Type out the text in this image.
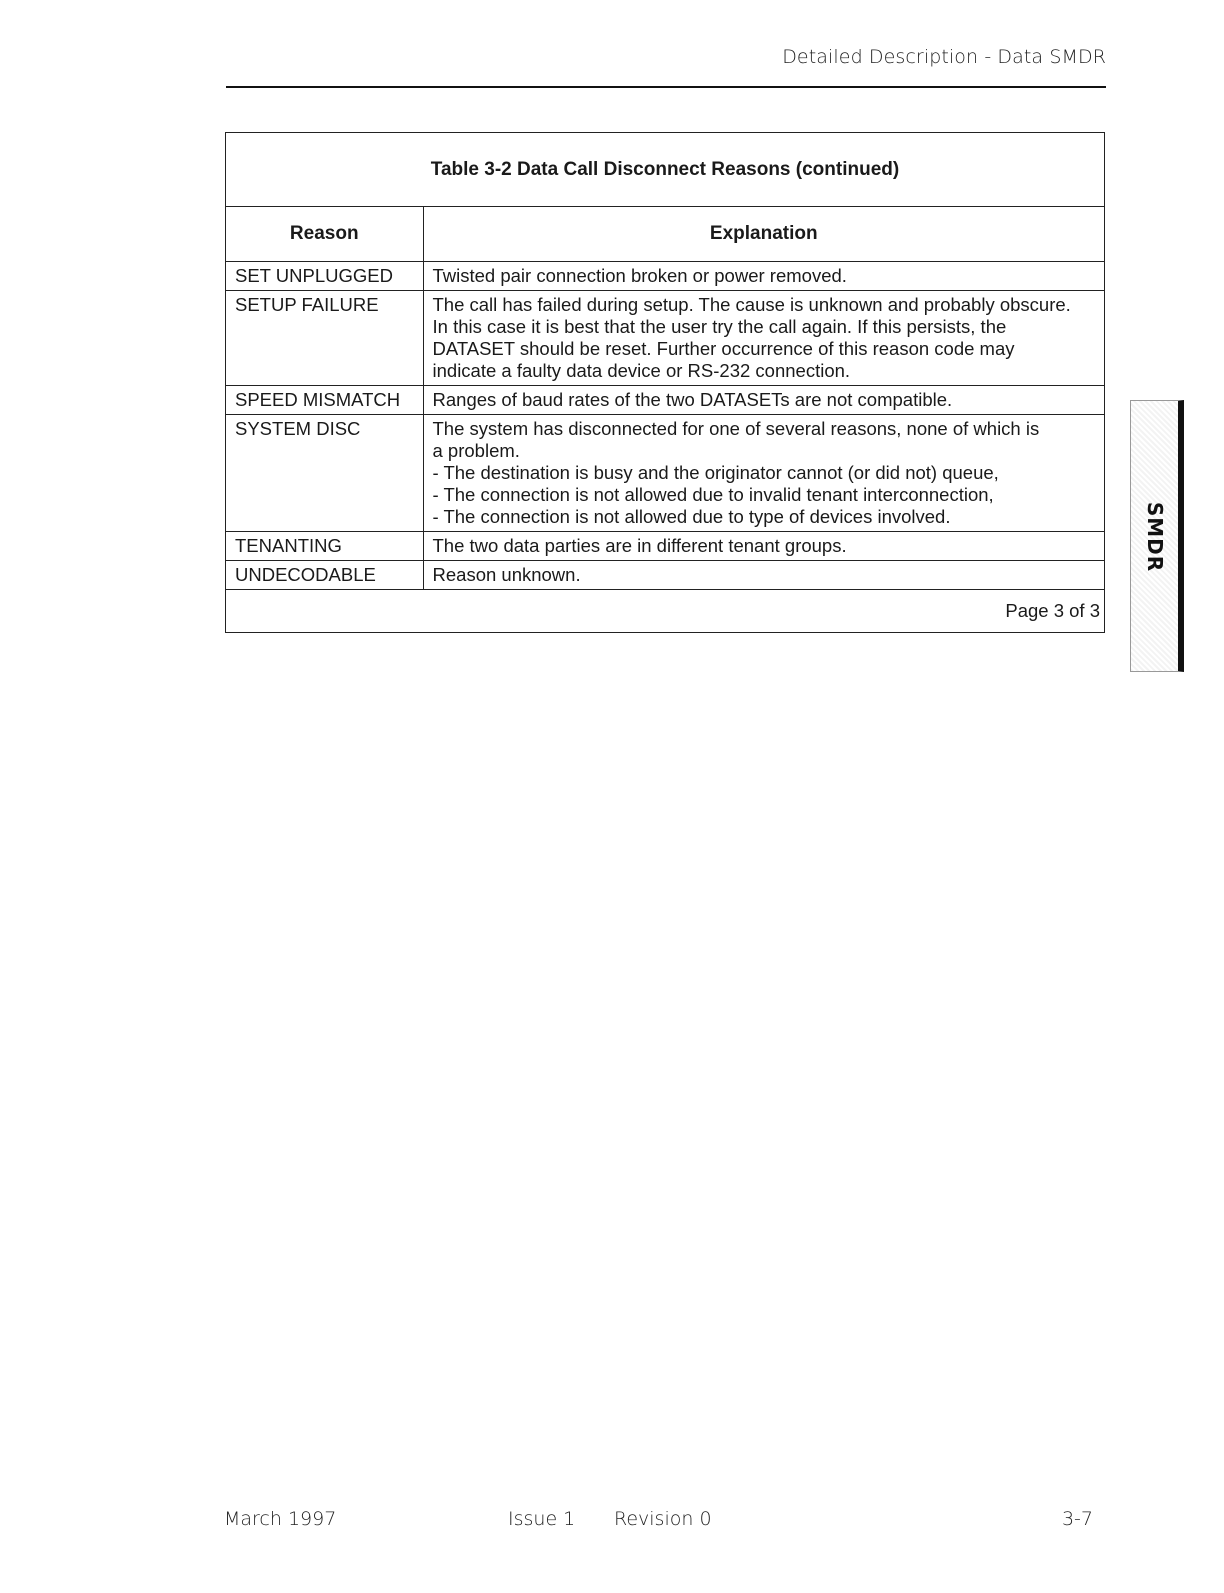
Detailed Description - Data SMDR
Table 3-2 Data Call Disconnect Reasons (continued)
Reason	Explanation
SET UNPLUGGED	Twisted pair connection broken or power removed.

SETUP FAILURE	The call has failed during setup. The cause is unknown and probably obscure.
In this case it is best that the user try the call again. If this persists, the
DATASET should be reset. Further occurrence of this reason code may
indicate a faulty data device or RS-232 connection.

SPEED MISMATCH	Ranges of baud rates of the two DATASETs are not compatible.

SYSTEM DISC	The system has disconnected for one of several reasons, none of which is
a problem.
- The destination is busy and the originator cannot (or did not) queue,
- The connection is not allowed due to invalid tenant interconnection,
- The connection is not allowed due to type of devices involved.

TENANTING	The two data parties are in different tenant groups.

UNDECODABLE	Reason unknown.
Page 3 of 3
SMDR
March 1997	Issue 1 Revision 0	3-7
